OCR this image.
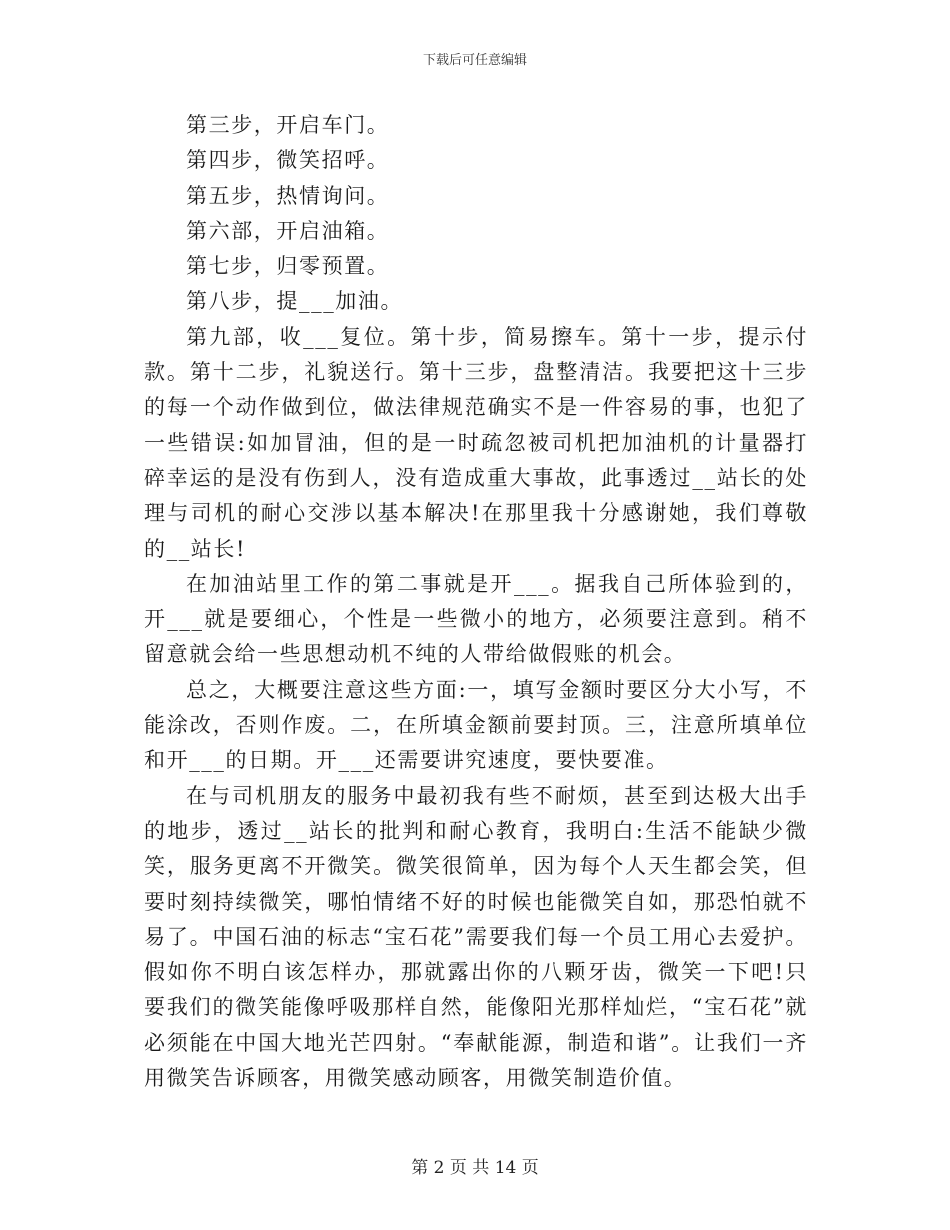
下载后可任意编辑

第三步，开启车门。

第四步，微笑招呼。

第五步，热情询问。

第六部，开启油箱。

第七步，归零预置。

第八步，提___加油。

第九部，收___复位。第十步，简易擦车。第十一步，提示付款。第十二步，礼貌送行。第十三步，盘整清洁。我要把这十三步的每一个动作做到位，做法律规范确实不是一件容易的事，也犯了一些错误:如加冒油，但的是一时疏忽被司机把加油机的计量器打碎幸运的是没有伤到人，没有造成重大事故，此事透过__站长的处理与司机的耐心交涉以基本解决!在那里我十分感谢她，我们尊敬的__站长!

在加油站里工作的第二事就是开___。据我自己所体验到的，开___就是要细心，个性是一些微小的地方，必须要注意到。稍不留意就会给一些思想动机不纯的人带给做假账的机会。

总之，大概要注意这些方面:一，填写金额时要区分大小写，不能涂改，否则作废。二，在所填金额前要封顶。三，注意所填单位和开___的日期。开___还需要讲究速度，要快要准。

在与司机朋友的服务中最初我有些不耐烦，甚至到达极大出手的地步，透过__站长的批判和耐心教育，我明白:生活不能缺少微笑，服务更离不开微笑。微笑很简单，因为每个人天生都会笑，但要时刻持续微笑，哪怕情绪不好的时候也能微笑自如，那恐怕就不易了。中国石油的标志“宝石花”需要我们每一个员工用心去爱护。假如你不明白该怎样办，那就露出你的八颗牙齿，微笑一下吧!只要我们的微笑能像呼吸那样自然，能像阳光那样灿烂，“宝石花”就必须能在中国大地光芒四射。“奉献能源，制造和谐”。让我们一齐用微笑告诉顾客，用微笑感动顾客，用微笑制造价值。

第 2 页 共 14 页
